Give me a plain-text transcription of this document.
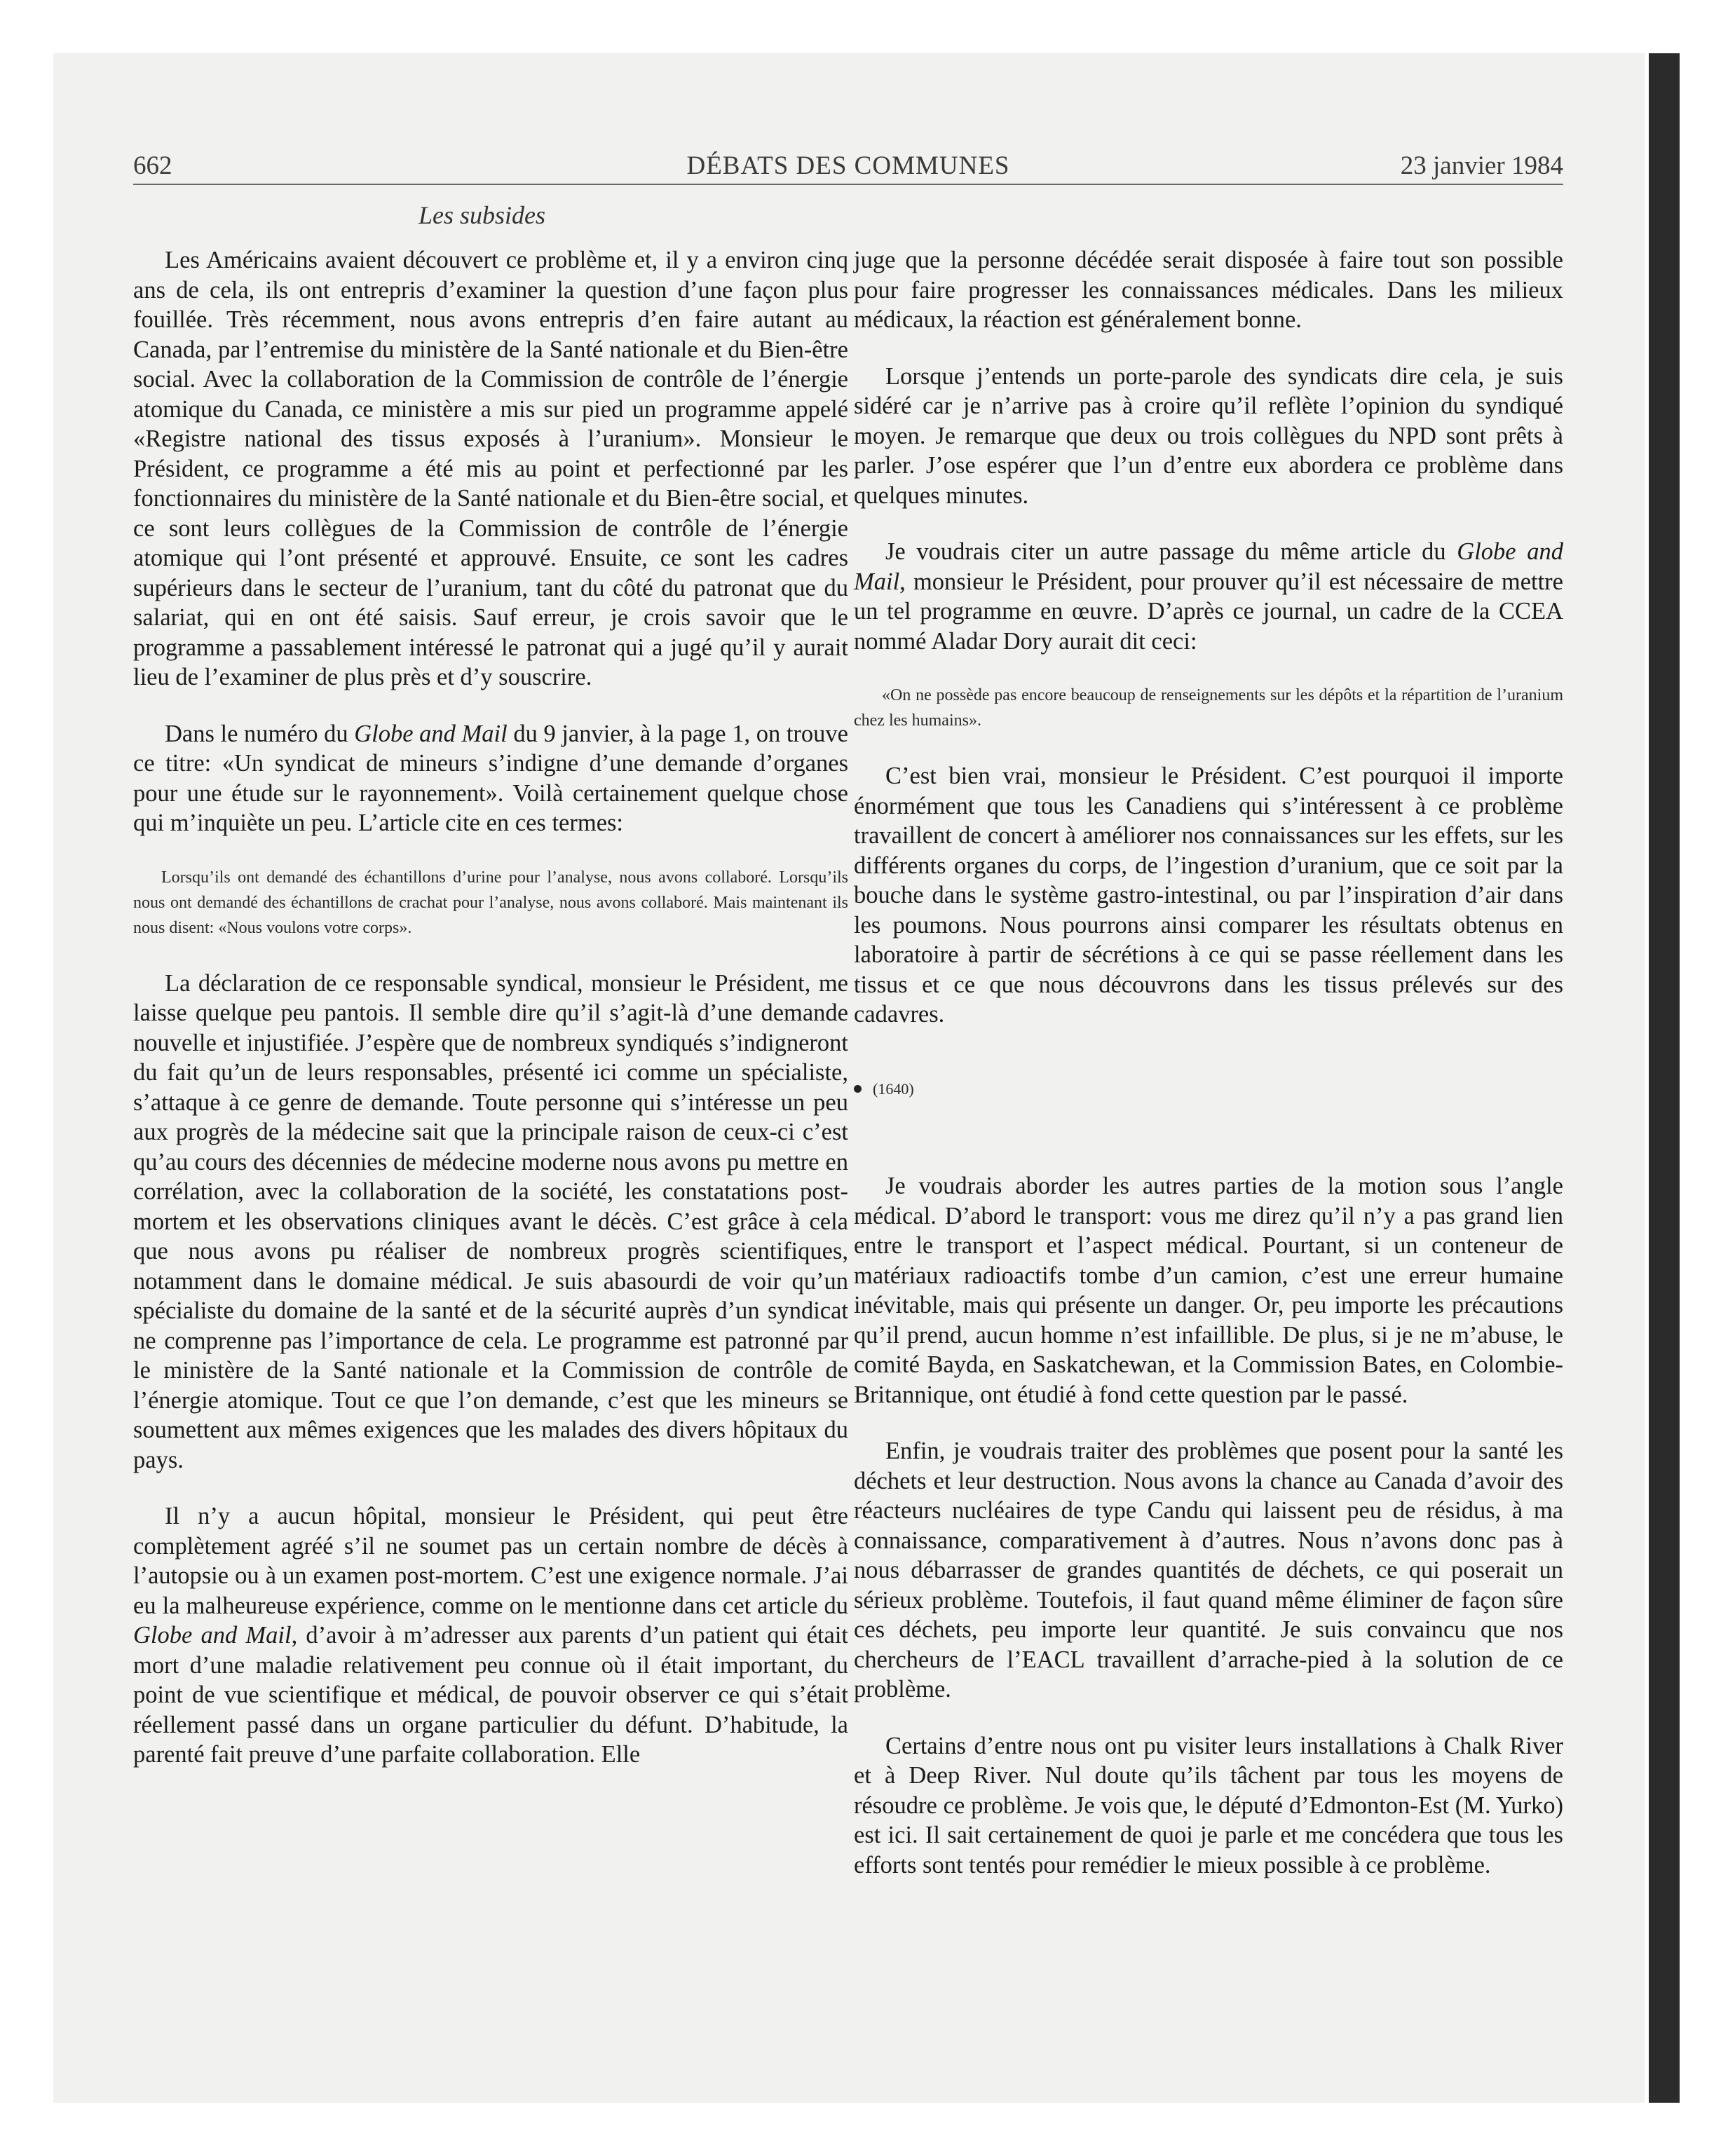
DÉBATS DES COMMUNES
662	23 janvier 1984
Les subsides

Les Américains avaient découvert ce problème et, il y a environ cinq ans de cela, ils ont entrepris d’examiner la question d’une façon plus fouillée. Très récemment, nous avons entrepris d’en faire autant au Canada, par l’entremise du ministère de la Santé nationale et du Bien-être social. Avec la collaboration de la Commission de contrôle de l’énergie atomique du Canada, ce ministère a mis sur pied un programme appelé «Registre national des tissus exposés à l’uranium». Monsieur le Président, ce programme a été mis au point et perfectionné par les fonctionnaires du ministère de la Santé nationale et du Bien-être social, et ce sont leurs collègues de la Commission de contrôle de l’énergie atomique qui l’ont présenté et approuvé. Ensuite, ce sont les cadres supérieurs dans le secteur de l’uranium, tant du côté du patronat que du salariat, qui en ont été saisis. Sauf erreur, je crois savoir que le programme a passablement intéressé le patronat qui a jugé qu’il y aurait lieu de l’examiner de plus près et d’y souscrire.

Dans le numéro du Globe and Mail du 9 janvier, à la page 1, on trouve ce titre: «Un syndicat de mineurs s’indigne d’une demande d’organes pour une étude sur le rayonnement». Voilà certainement quelque chose qui m’inquiète un peu. L’article cite en ces termes:

Lorsqu’ils ont demandé des échantillons d’urine pour l’analyse, nous avons collaboré. Lorsqu’ils nous ont demandé des échantillons de crachat pour l’analyse, nous avons collaboré. Mais maintenant ils nous disent: «Nous voulons votre corps».

La déclaration de ce responsable syndical, monsieur le Président, me laisse quelque peu pantois. Il semble dire qu’il s’agit-là d’une demande nouvelle et injustifiée. J’espère que de nombreux syndiqués s’indigneront du fait qu’un de leurs responsables, présenté ici comme un spécialiste, s’attaque à ce genre de demande. Toute personne qui s’intéresse un peu aux progrès de la médecine sait que la principale raison de ceux-ci c’est qu’au cours des décennies de médecine moderne nous avons pu mettre en corrélation, avec la collaboration de la société, les constatations post-mortem et les observations cliniques avant le décès. C’est grâce à cela que nous avons pu réaliser de nombreux progrès scientifiques, notamment dans le domaine médical. Je suis abasourdi de voir qu’un spécialiste du domaine de la santé et de la sécurité auprès d’un syndicat ne comprenne pas l’importance de cela. Le programme est patronné par le ministère de la Santé nationale et la Commission de contrôle de l’énergie atomique. Tout ce que l’on demande, c’est que les mineurs se soumettent aux mêmes exigences que les malades des divers hôpitaux du pays.

Il n’y a aucun hôpital, monsieur le Président, qui peut être complètement agréé s’il ne soumet pas un certain nombre de décès à l’autopsie ou à un examen post-mortem. C’est une exigence normale. J’ai eu la malheureuse expérience, comme on le mentionne dans cet article du Globe and Mail, d’avoir à m’adresser aux parents d’un patient qui était mort d’une maladie relativement peu connue où il était important, du point de vue scientifique et médical, de pouvoir observer ce qui s’était réellement passé dans un organe particulier du défunt. D’habitude, la parenté fait preuve d’une parfaite collaboration. Elle

juge que la personne décédée serait disposée à faire tout son possible pour faire progresser les connaissances médicales. Dans les milieux médicaux, la réaction est généralement bonne.

Lorsque j’entends un porte-parole des syndicats dire cela, je suis sidéré car je n’arrive pas à croire qu’il reflète l’opinion du syndiqué moyen. Je remarque que deux ou trois collègues du NPD sont prêts à parler. J’ose espérer que l’un d’entre eux abordera ce problème dans quelques minutes.

Je voudrais citer un autre passage du même article du Globe and Mail, monsieur le Président, pour prouver qu’il est nécessaire de mettre un tel programme en œuvre. D’après ce journal, un cadre de la CCEA nommé Aladar Dory aurait dit ceci:

«On ne possède pas encore beaucoup de renseignements sur les dépôts et la répartition de l’uranium chez les humains».

C’est bien vrai, monsieur le Président. C’est pourquoi il importe énormément que tous les Canadiens qui s’intéressent à ce problème travaillent de concert à améliorer nos connaissances sur les effets, sur les différents organes du corps, de l’ingestion d’uranium, que ce soit par la bouche dans le système gastro-intestinal, ou par l’inspiration d’air dans les poumons. Nous pourrons ainsi comparer les résultats obtenus en laboratoire à partir de sécrétions à ce qui se passe réellement dans les tissus et ce que nous découvrons dans les tissus prélevés sur des cadavres.

(1640)

Je voudrais aborder les autres parties de la motion sous l’angle médical. D’abord le transport: vous me direz qu’il n’y a pas grand lien entre le transport et l’aspect médical. Pourtant, si un conteneur de matériaux radioactifs tombe d’un camion, c’est une erreur humaine inévitable, mais qui présente un danger. Or, peu importe les précautions qu’il prend, aucun homme n’est infaillible. De plus, si je ne m’abuse, le comité Bayda, en Saskatchewan, et la Commission Bates, en Colombie-Britannique, ont étudié à fond cette question par le passé.

Enfin, je voudrais traiter des problèmes que posent pour la santé les déchets et leur destruction. Nous avons la chance au Canada d’avoir des réacteurs nucléaires de type Candu qui laissent peu de résidus, à ma connaissance, comparativement à d’autres. Nous n’avons donc pas à nous débarrasser de grandes quantités de déchets, ce qui poserait un sérieux problème. Toutefois, il faut quand même éliminer de façon sûre ces déchets, peu importe leur quantité. Je suis convaincu que nos chercheurs de l’EACL travaillent d’arrache-pied à la solution de ce problème.

Certains d’entre nous ont pu visiter leurs installations à Chalk River et à Deep River. Nul doute qu’ils tâchent par tous les moyens de résoudre ce problème. Je vois que, le député d’Edmonton-Est (M. Yurko) est ici. Il sait certainement de quoi je parle et me concédera que tous les efforts sont tentés pour remédier le mieux possible à ce problème.
